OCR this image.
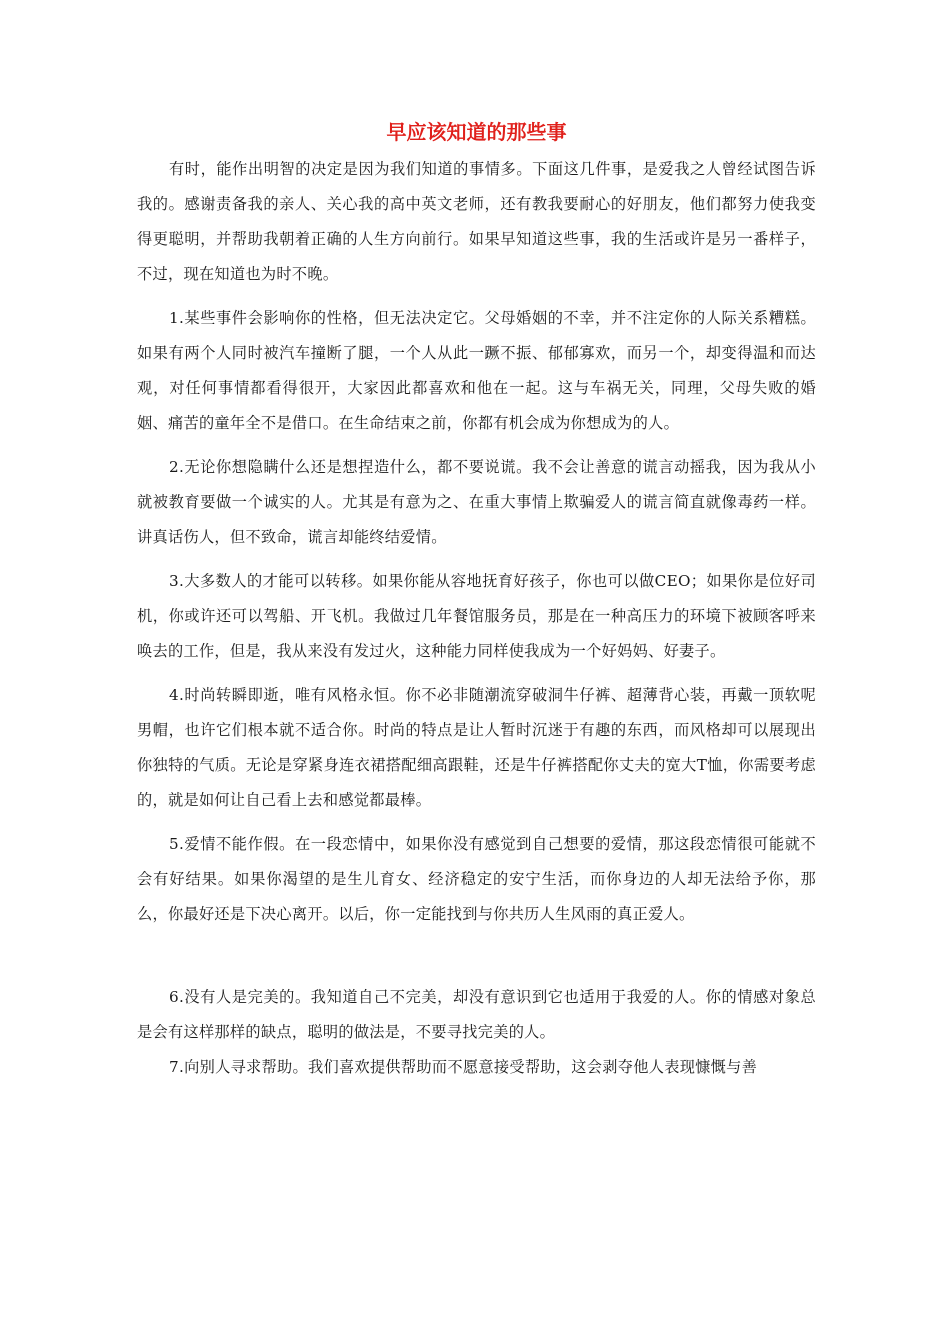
早应该知道的那些事

有时，能作出明智的决定是因为我们知道的事情多。下面这几件事，是爱我之人曾经试图告诉我的。感谢责备我的亲人、关心我的高中英文老师，还有教我要耐心的好朋友，他们都努力使我变得更聪明，并帮助我朝着正确的人生方向前行。如果早知道这些事，我的生活或许是另一番样子，不过，现在知道也为时不晚。

1.某些事件会影响你的性格，但无法决定它。父母婚姻的不幸，并不注定你的人际关系糟糕。如果有两个人同时被汽车撞断了腿，一个人从此一蹶不振、郁郁寡欢，而另一个，却变得温和而达观，对任何事情都看得很开，大家因此都喜欢和他在一起。这与车祸无关，同理，父母失败的婚姻、痛苦的童年全不是借口。在生命结束之前，你都有机会成为你想成为的人。

2.无论你想隐瞒什么还是想捏造什么，都不要说谎。我不会让善意的谎言动摇我，因为我从小就被教育要做一个诚实的人。尤其是有意为之、在重大事情上欺骗爱人的谎言简直就像毒药一样。讲真话伤人，但不致命，谎言却能终结爱情。

3.大多数人的才能可以转移。如果你能从容地抚育好孩子，你也可以做CEO；如果你是位好司机，你或许还可以驾船、开飞机。我做过几年餐馆服务员，那是在一种高压力的环境下被顾客呼来唤去的工作，但是，我从来没有发过火，这种能力同样使我成为一个好妈妈、好妻子。

4.时尚转瞬即逝，唯有风格永恒。你不必非随潮流穿破洞牛仔裤、超薄背心装，再戴一顶软呢男帽，也许它们根本就不适合你。时尚的特点是让人暂时沉迷于有趣的东西，而风格却可以展现出你独特的气质。无论是穿紧身连衣裙搭配细高跟鞋，还是牛仔裤搭配你丈夫的宽大T恤，你需要考虑的，就是如何让自己看上去和感觉都最棒。

5.爱情不能作假。在一段恋情中，如果你没有感觉到自己想要的爱情，那这段恋情很可能就不会有好结果。如果你渴望的是生儿育女、经济稳定的安宁生活，而你身边的人却无法给予你，那么，你最好还是下决心离开。以后，你一定能找到与你共历人生风雨的真正爱人。

6.没有人是完美的。我知道自己不完美，却没有意识到它也适用于我爱的人。你的情感对象总是会有这样那样的缺点，聪明的做法是，不要寻找完美的人。

7.向别人寻求帮助。我们喜欢提供帮助而不愿意接受帮助，这会剥夺他人表现慷慨与善
